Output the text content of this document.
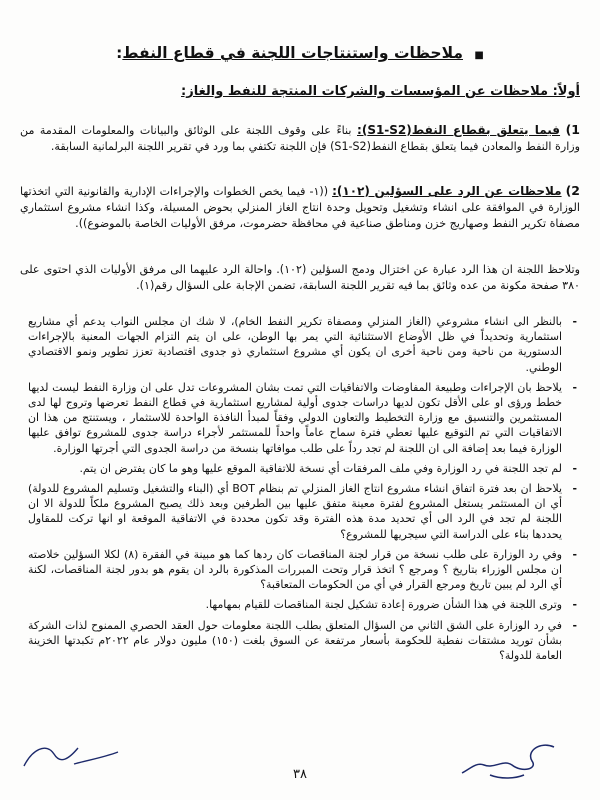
■ ملاحظات واستنتاجات اللجنة في قطاع النفط:
أولاً: ملاحظات عن المؤسسات والشركات المنتجة للنفط والغاز:
1) فيما يتعلق بقطاع النفط(S1-S2): بناءً على وقوف اللجنة على الوثائق والبيانات والمعلومات المقدمة من وزارة النفط والمعادن فيما يتعلق بقطاع النفط(S1-S2) فإن اللجنة تكتفي بما ورد في تقرير اللجنة البرلمانية السابقة.
2) ملاحظات عن الرد على السؤلين (١٠٢): ((١- فيما يخص الخطوات والإجراءات الإدارية والقانونية التي اتخذتها الوزارة في الموافقة على انشاء وتشغيل وتحويل وحدة انتاج الغاز المنزلي بحوض المسيلة، وكذا انشاء مشروع استثماري مصفاة تكرير النفط وصهاريج خزن ومناطق صناعية في محافظة حضرموت، مرفق الأوليات الخاصة بالموضوع)).
وتلاحظ اللجنة ان هذا الرد عبارة عن اختزال ودمج السؤلين (١٠٢). واحالة الرد عليهما الى مرفق الأوليات الذي احتوى على ٣٨٠ صفحة مكونة من عده وثائق بما فيه تقرير اللجنة السابقة، تضمن الإجابة على السؤال رقم(١).
- بالنظر الى انشاء مشروعي (الغاز المنزلي ومصفاة تكرير النفط الخام)، لا شك ان مجلس النواب يدعم أي مشاريع استثمارية وتحديداً في ظل الأوضاع الاستثنائية التي يمر بها الوطن، على ان يتم التزام الجهات المعنية بالإجراءات الدستورية من ناحية ومن ناحية أخرى ان يكون أي مشروع استثماري ذو جدوى اقتصادية تعزز تطوير ونمو الاقتصادي الوطني.
- يلاحظ بان الإجراءات وطبيعة المفاوضات والاتفاقيات التي تمت بشان المشروعات تدل على ان وزارة النفط ليست لديها خطط ورؤى او على الأقل تكون لديها دراسات جدوى أولية لمشاريع استثمارية في قطاع النفط تعرضها وتروج لها لدى المستثمرين والتنسيق مع وزارة التخطيط والتعاون الدولي وفقاً لمبدأ النافذة الواحدة للاستثمار ، ويستنتج من هذا ان الاتفاقيات التي تم التوقيع عليها تعطي فترة سماح عاماً واحداً للمستثمر لأجراء دراسة جدوى للمشروع توافق عليها الوزارة فيما بعد إضافة الى ان اللجنة لم تجد رداً على طلب موافاتها بنسخة من دراسة الجدوى التي أجرتها الوزارة.
- لم تجد اللجنة في رد الوزارة وفي ملف المرفقات أي نسخة للاتفاقية الموقع عليها وهو ما كان يفترض ان يتم.
- يلاحظ ان بعد فترة اتفاق انشاء مشروع انتاج الغاز المنزلي تم بنظام BOT أي (البناء والتشغيل وتسليم المشروع للدولة) أي ان المستثمر يستغل المشروع لفترة معينة متفق عليها بين الطرفين وبعد ذلك يصبح المشروع ملكاً للدولة الا ان اللجنة لم تجد في الرد الى أي تحديد مدة هذه الفترة وقد تكون محددة في الاتفاقية الموقعة او انها تركت للمقاول يحددها بناء على الدراسة التي سيجريها للمشروع؟
- وفي رد الوزارة على طلب نسخة من قرار لجنة المناقصات كان ردها كما هو مبينة في الفقرة (٨) لكلا السؤلين خلاصته ان مجلس الوزراء بتاريخ ؟ ومرجع ؟ اتخذ قرار وتحت المبررات المذكورة بالرد ان يقوم هو بدور لجنة المناقصات، لكنة أي الرد لم يبين تاريخ ومرجع القرار في أي من الحكومات المتعاقبة؟
- وترى اللجنة في هذا الشأن ضرورة إعادة تشكيل لجنة المناقصات للقيام بمهامها.
- في رد الوزارة على الشق الثاني من السؤال المتعلق بطلب اللجنة معلومات حول العقد الحصري الممنوح لذات الشركة بشأن توريد مشتقات نفطية للحكومة بأسعار مرتفعة عن السوق بلغت (١٥٠) مليون دولار عام ٢٠٢٢م تكبدتها الخزينة العامة للدولة؟
٣٨
